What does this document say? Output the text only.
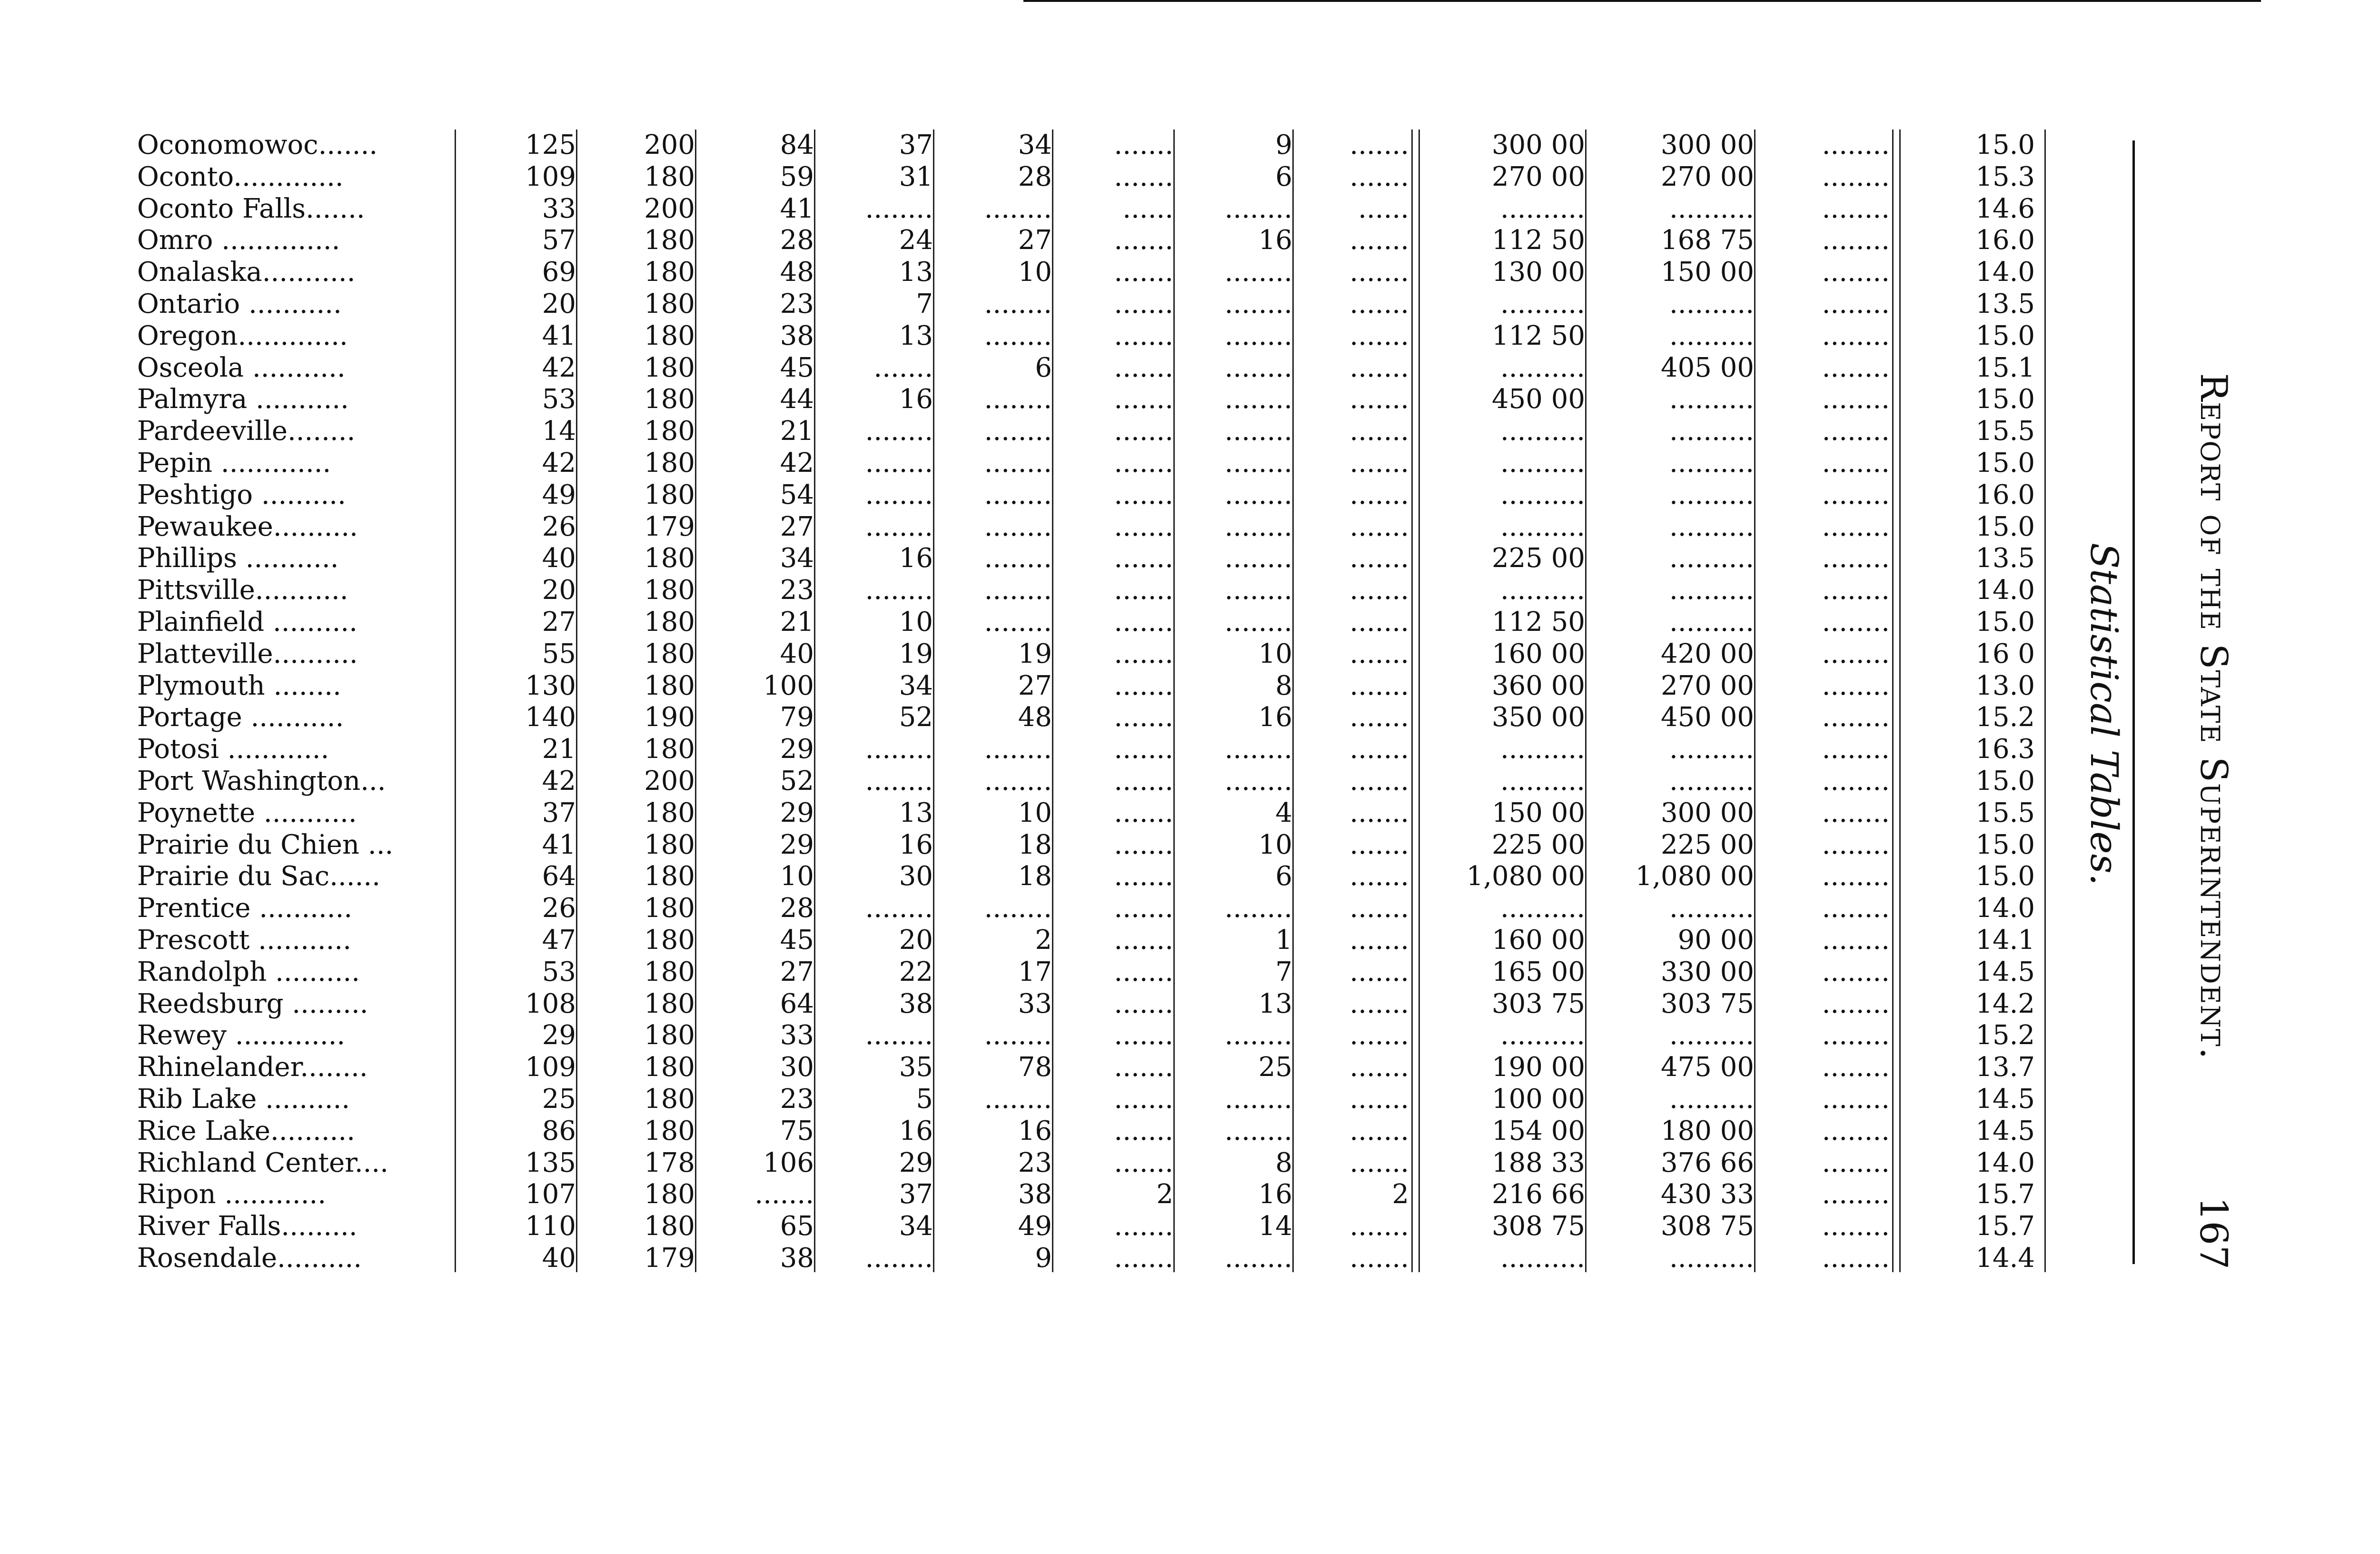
Oconomowoc.......	125	200	84	37	34	.......	9	.......	300 00	300 00	........	15.0
Oconto.............	109	180	59	31	28	.......	6	.......	270 00	270 00	........	15.3
Oconto Falls.......	33	200	41	........	........	......	........	......	..........	..........	........	14.6
Omro ..............	57	180	28	24	27	.......	16	.......	112 50	168 75	........	16.0
Onalaska...........	69	180	48	13	10	.......	........	.......	130 00	150 00	........	14.0
Ontario ...........	20	180	23	7	........	.......	........	.......	..........	..........	........	13.5
Oregon.............	41	180	38	13	........	.......	........	.......	112 50	..........	........	15.0
Osceola ...........	42	180	45	.......	6	.......	........	.......	..........	405 00	........	15.1
Palmyra ...........	53	180	44	16	........	.......	........	.......	450 00	..........	........	15.0
Pardeeville........	14	180	21	........	........	.......	........	.......	..........	..........	........	15.5
Pepin .............	42	180	42	........	........	.......	........	.......	..........	..........	........	15.0
Peshtigo ..........	49	180	54	........	........	.......	........	.......	..........	..........	........	16.0
Pewaukee..........	26	179	27	........	........	.......	........	.......	..........	..........	........	15.0
Phillips ...........	40	180	34	16	........	.......	........	.......	225 00	..........	........	13.5
Pittsville...........	20	180	23	........	........	.......	........	.......	..........	..........	........	14.0
Plainfield ..........	27	180	21	10	........	.......	........	.......	112 50	..........	........	15.0
Platteville..........	55	180	40	19	19	.......	10	.......	160 00	420 00	........	16 0
Plymouth ........	130	180	100	34	27	.......	8	.......	360 00	270 00	........	13.0
Portage ...........	140	190	79	52	48	.......	16	.......	350 00	450 00	........	15.2
Potosi ............	21	180	29	........	........	.......	........	.......	..........	..........	........	16.3
Port Washington...	42	200	52	........	........	.......	........	.......	..........	..........	........	15.0
Poynette ...........	37	180	29	13	10	.......	4	.......	150 00	300 00	........	15.5
Prairie du Chien ...	41	180	29	16	18	.......	10	.......	225 00	225 00	........	15.0
Prairie du Sac......	64	180	10	30	18	.......	6	.......	1,080 00	1,080 00	........	15.0
Prentice ...........	26	180	28	........	........	.......	........	.......	..........	..........	........	14.0
Prescott ...........	47	180	45	20	2	.......	1	.......	160 00	90 00	........	14.1
Randolph ..........	53	180	27	22	17	.......	7	.......	165 00	330 00	........	14.5
Reedsburg .........	108	180	64	38	33	.......	13	.......	303 75	303 75	........	14.2
Rewey .............	29	180	33	........	........	.......	........	.......	..........	..........	........	15.2
Rhinelander........	109	180	30	35	78	.......	25	.......	190 00	475 00	........	13.7
Rib Lake ..........	25	180	23	5	........	.......	........	.......	100 00	..........	........	14.5
Rice Lake..........	86	180	75	16	16	.......	........	.......	154 00	180 00	........	14.5
Richland Center....	135	178	106	29	23	.......	8	.......	188 33	376 66	........	14.0
Ripon ............	107	180	.......	37	38	2	16	2	216 66	430 33	........	15.7
River Falls.........	110	180	65	34	49	.......	14	.......	308 75	308 75	........	15.7
Rosendale..........	40	179	38	........	9	.......	........	.......	..........	..........	........	14.4
Statistical Tables. Report of the State Superintendent.
167
